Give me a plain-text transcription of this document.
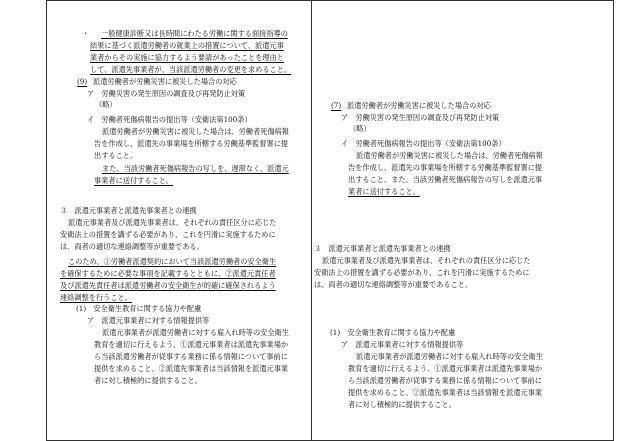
・ 一般健康診断又は長時間にわたる労働に関する面接指導の
結果に基づく派遣労働者の就業上の措置について、派遣元事
業者からその実施に協力するよう要請があったことを理由と
して、派遣先事業者が、当該派遣労働者の変更を求めること。
(9) 派遣労働者が労働災害に被災した場合の対応
ア　労働災害の発生原因の調査及び再発防止対策
（略）
イ　労働者死傷病報告の提出等（安衛法第100条）
派遣労働者が労働災害に被災した場合は、労働者死傷病報
告を作成し、派遣先の事業場を所轄する労働基準監督署に提
出すること。
また、当該労働者死傷病報告の写しを、遅滞なく、派遣元
事業者に送付すること。
３　派遣元事業者と派遣先事業者との連携
派遣元事業者及び派遣先事業者は、それぞれの責任区分に応じた
安衛法上の措置を講ずる必要があり、これを円滑に実施するために
は、両者の適切な連絡調整等が重要である。
このため、①労働者派遣契約において当該派遣労働者の安全衛生
を確保するために必要な事項を記載するとともに、②派遣元責任者
及び派遣先責任者は派遣労働者の安全衛生が的確に確保されるよう
連絡調整を行うこと。
(1)　安全衛生教育に関する協力や配慮
ア　派遣元事業者に対する情報提供等
派遣元事業者が派遣労働者に対する雇入れ時等の安全衛生
教育を適切に行えるよう、①派遣元事業者は派遣先事業場か
ら当該派遣労働者が従事する業務に係る情報について事前に
提供を求めること、②派遣先事業者は当該情報を派遣元事業
者に対し積極的に提供すること。
(7) 派遣労働者が労働災害に被災した場合の対応
ア　労働災害の発生原因の調査及び再発防止対策
（略）
イ　労働者死傷病報告の提出等（安衛法第100条）
派遣労働者が労働災害に被災した場合は、労働者死傷病報
告を作成し、派遣先の事業場を所轄する労働基準監督署に提
出すること。また、当該労働者死傷病報告の写しを派遣元事
業者に送付すること。
３　派遣元事業者と派遣先事業者との連携
派遣元事業者及び派遣先事業者は、それぞれの責任区分に応じた
安衛法上の措置を講ずる必要があり、これを円滑に実施するために
は、両者の適切な連絡調整等が重要であること。
(1)　安全衛生教育に関する協力や配慮
ア　派遣元事業者に対する情報提供等
派遣元事業者が派遣労働者に対する雇入れ時等の安全衛生
教育を適切に行えるよう、①派遣元事業者は派遣先事業場か
ら当該派遣労働者が従事する業務に係る情報について事前に
提供を求めること、②派遣先事業者は当該情報を派遣元事業
者に対し積極的に提供すること。
